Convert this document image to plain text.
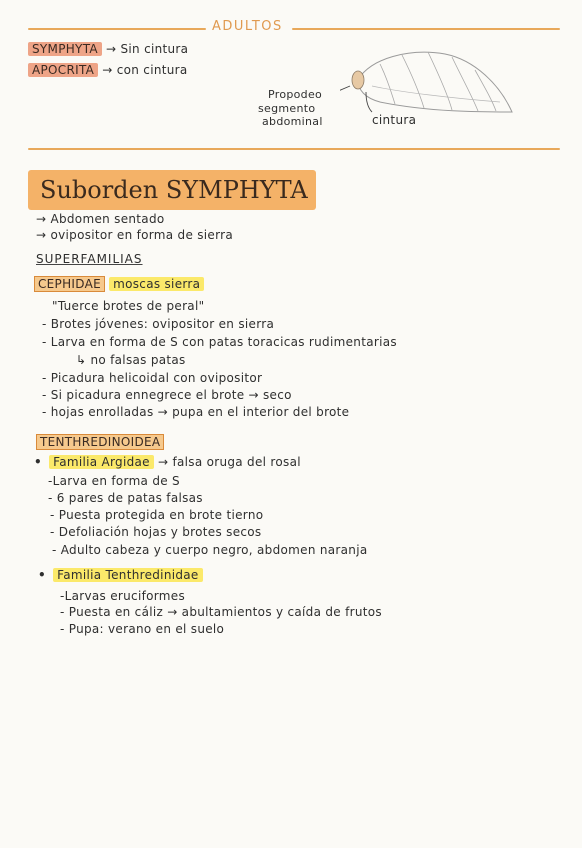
ADULTOS
SYMPHYTA → Sin cintura
APOCRITA → con cintura
Propodeo
segmento
abdominal	cintura
Suborden SYMPHYTA
→ Abdomen sentado
→ ovipositor en forma de sierra
SUPERFAMILIAS
CEPHIDAE moscas sierra
"Tuerce brotes de peral"
- Brotes jóvenes: ovipositor en sierra
- Larva en forma de S con patas toracicas rudimentarias
↳ no falsas patas
- Picadura helicoidal con ovipositor
- Si picadura ennegrece el brote → seco
- hojas enrolladas → pupa en el interior del brote
TENTHREDINOIDEA
• Familia Argidae → falsa oruga del rosal
-Larva en forma de S
- 6 pares de patas falsas
- Puesta protegida en brote tierno
- Defoliación hojas y brotes secos
- Adulto cabeza y cuerpo negro, abdomen naranja
• Familia Tenthredinidae
-Larvas eruciformes
- Puesta en cáliz → abultamientos y caída de frutos
- Pupa: verano en el suelo
